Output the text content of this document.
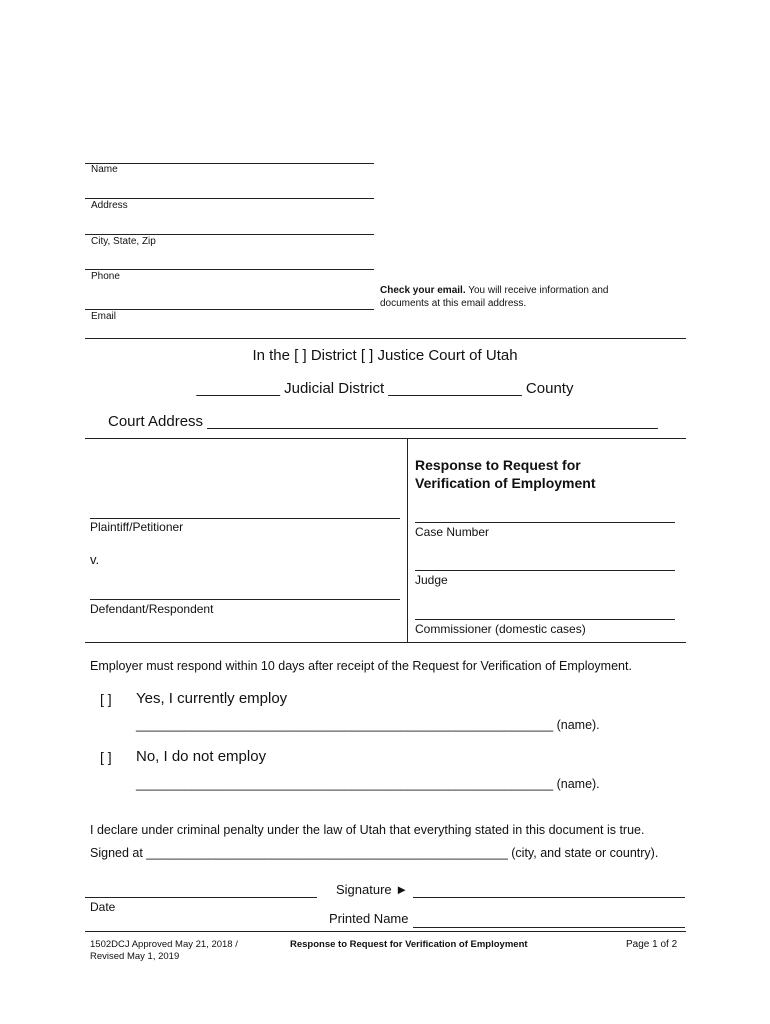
Name
Address
City, State, Zip
Phone
Email
Check your email. You will receive information and
documents at this email address.
In the [ ] District [ ] Justice Court of Utah
__________ Judicial District ________________ County
Court Address ______________________________________________________
Response to Request for
Verification of Employment
Plaintiff/Petitioner
v.
Defendant/Respondent
Case Number
Judge
Commissioner (domestic cases)
Employer must respond within 10 days after receipt of the Request for Verification of Employment.
[ ] Yes, I currently employ
____________________________________________________________ (name).
[ ] No, I do not employ
____________________________________________________________ (name).
I declare under criminal penalty under the law of Utah that everything stated in this document is true.
Signed at ____________________________________________________ (city, and state or country).
Date
Signature ►
Printed Name
1502DCJ Approved May 21, 2018 /
Revised May 1, 2019
Response to Request for Verification of Employment	Page 1 of 2
